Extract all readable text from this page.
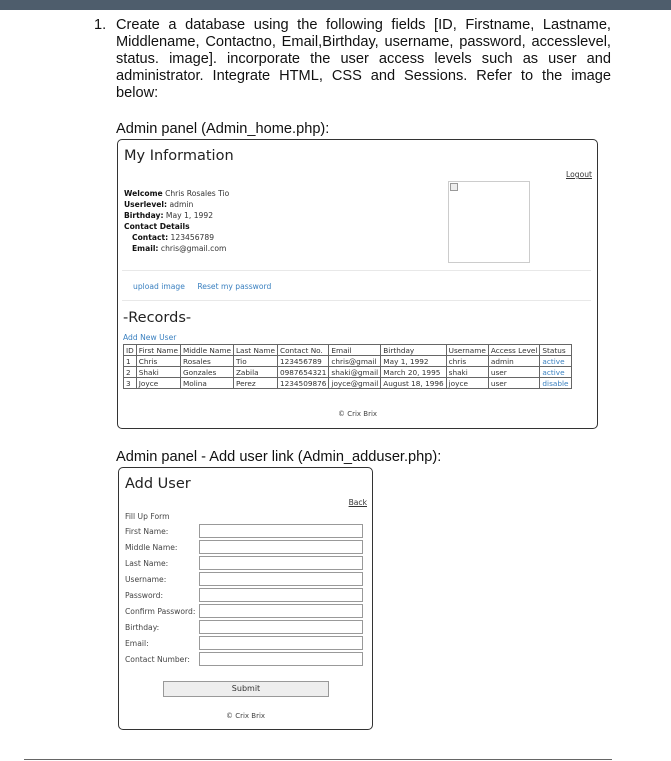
1. Create a database using the following fields [ID, Firstname, Lastname, Middlename, Contactno, Email,Birthday, username, password, accesslevel, status. image]. incorporate the user access levels such as user and administrator. Integrate HTML, CSS and Sessions. Refer to the image below:
Admin panel (Admin_home.php):
My Information
Logout
Welcome Chris Rosales Tio
Userlevel: admin
Birthday: May 1, 1992
Contact Details
Contact: 123456789
Email: chris@gmail.com
upload image Reset my password
-Records-
Add New User
ID	First Name	Middle Name	Last Name	Contact No.	Email	Birthday	Username	Access Level	Status
1	Chris	Rosales	Tio	123456789	chris@gmail	May 1, 1992	chris	admin	active
2	Shaki	Gonzales	Zabila	0987654321	shaki@gmail	March 20, 1995	shaki	user	active
3	Joyce	Molina	Perez	1234509876	joyce@gmail	August 18, 1996	joyce	user	disable
© Crix Brix
Admin panel - Add user link (Admin_adduser.php):
Add User
Back
Fill Up Form
First Name:
Middle Name:
Last Name:
Username:
Password:
Confirm Password:
Birthday:
Email:
Contact Number:
Submit
© Crix Brix
